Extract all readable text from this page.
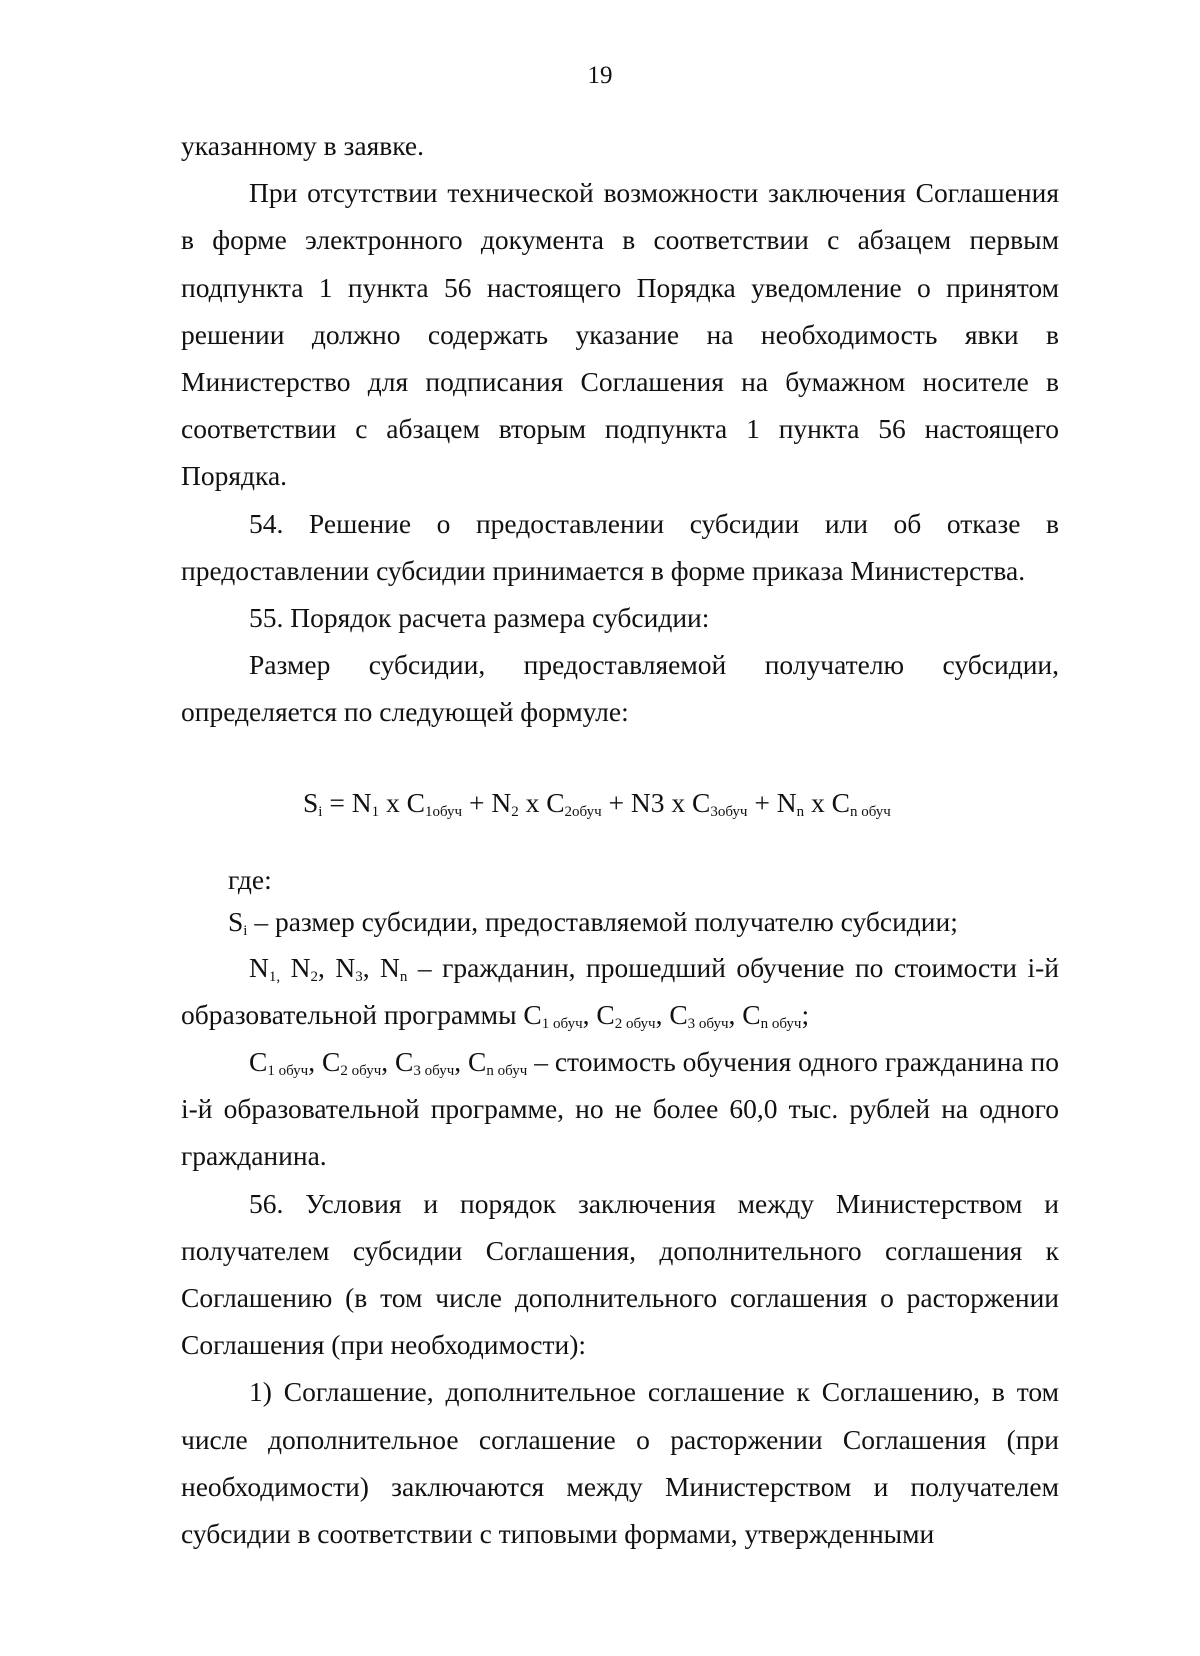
19

указанному в заявке.

При отсутствии технической возможности заключения Соглашения в форме электронного документа в соответствии с абзацем первым подпункта 1 пункта 56 настоящего Порядка уведомление о принятом решении должно содержать указание на необходимость явки в Министерство для подписания Соглашения на бумажном носителе в соответствии с абзацем вторым подпункта 1 пункта 56 настоящего Порядка.

54. Решение о предоставлении субсидии или об отказе в предоставлении субсидии принимается в форме приказа Министерства.

55. Порядок расчета размера субсидии:

Размер субсидии, предоставляемой получателю субсидии, определяется по следующей формуле:

$S_i = N_1$ x $C_{1обуч} + N_2$ x $C_{2обуч} + N3$ x $C_{3обуч} + N_n$ x $C_{n обуч}$

где:

$S_i$ – размер субсидии, предоставляемой получателю субсидии;

$N_{1,}$ $N_2$, $N_3$, $N_n$ – гражданин, прошедший обучение по стоимости i-й образовательной программы $C_{1 обуч}$, $C_{2 обуч}$, $C_{3 обуч}$, $C_{n обуч}$;

$C_{1 обуч}$, $C_{2 обуч}$, $C_{3 обуч}$, $C_{n обуч}$ – стоимость обучения одного гражданина по i-й образовательной программе, но не более 60,0 тыс. рублей на одного гражданина.

56. Условия и порядок заключения между Министерством и получателем субсидии Соглашения, дополнительного соглашения к Соглашению (в том числе дополнительного соглашения о расторжении Соглашения (при необходимости):

1) Соглашение, дополнительное соглашение к Соглашению, в том числе дополнительное соглашение о расторжении Соглашения (при необходимости) заключаются между Министерством и получателем субсидии в соответствии с типовыми формами, утвержденными
